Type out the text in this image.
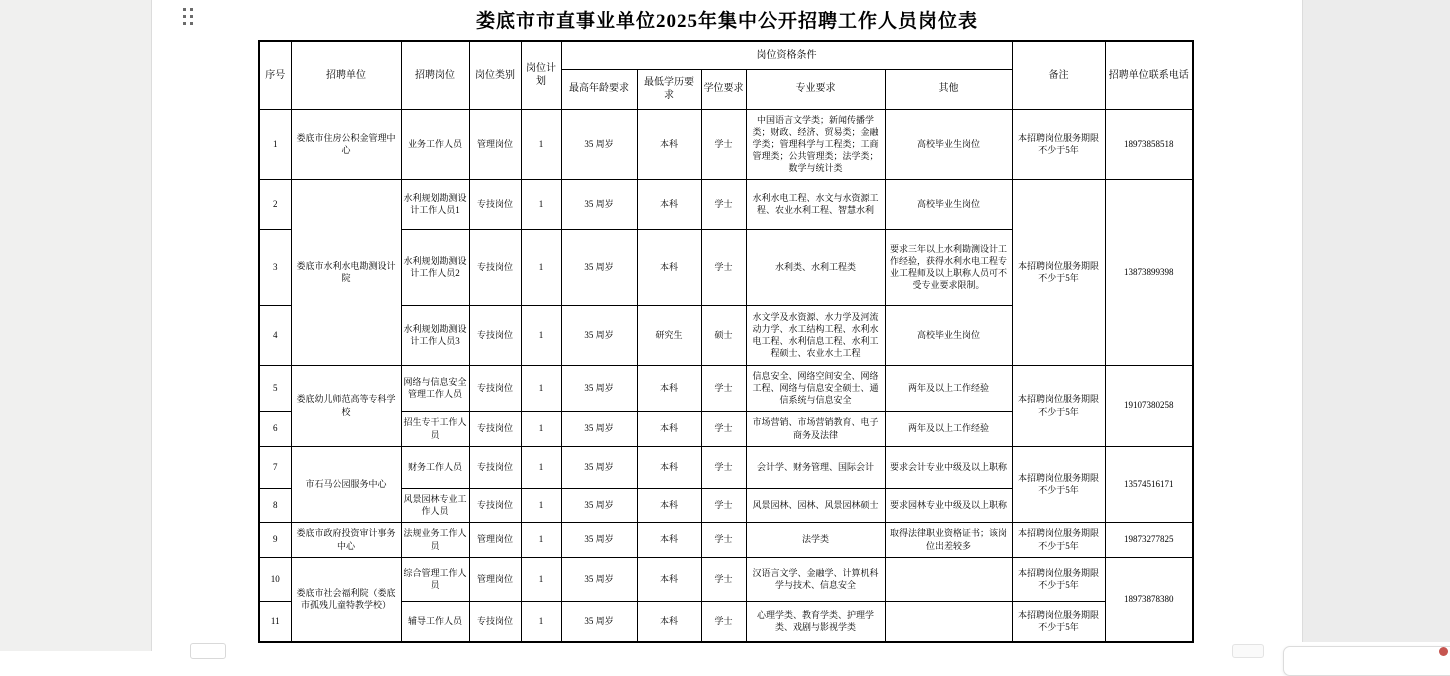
娄底市市直事业单位2025年集中公开招聘工作人员岗位表
序号	招聘单位	招聘岗位	岗位类别	岗位计划	岗位资格条件					备注	招聘单位联系电话
					最高年龄要求	最低学历要求	学位要求	专业要求	其他		
1	娄底市住房公积金管理中心	业务工作人员	管理岗位	1	35 周岁	本科	学士	中国语言文学类；新闻传播学类；财政、经济、贸易类；金融学类；管理科学与工程类；工商管理类；公共管理类；法学类；数学与统计类	高校毕业生岗位	本招聘岗位服务期限不少于5年	18973858518
2	娄底市水利水电勘测设计院	水利规划勘测设计工作人员1	专技岗位	1	35 周岁	本科	学士	水利水电工程、水文与水资源工程、农业水利工程、智慧水利	高校毕业生岗位	本招聘岗位服务期限不少于5年	13873899398
3		水利规划勘测设计工作人员2	专技岗位	1	35 周岁	本科	学士	水利类、水利工程类	要求三年以上水利勘测设计工作经验，获得水利水电工程专业工程师及以上职称人员可不受专业要求限制。		
4		水利规划勘测设计工作人员3	专技岗位	1	35 周岁	研究生	硕士	水文学及水资源、水力学及河流动力学、水工结构工程、水利水电工程、水利信息工程、水利工程硕士、农业水土工程	高校毕业生岗位		
5	娄底幼儿师范高等专科学校	网络与信息安全管理工作人员	专技岗位	1	35 周岁	本科	学士	信息安全、网络空间安全、网络工程、网络与信息安全硕士、通信系统与信息安全	两年及以上工作经验	本招聘岗位服务期限不少于5年	19107380258
6		招生专干工作人员	专技岗位	1	35 周岁	本科	学士	市场营销、市场营销教育、电子商务及法律	两年及以上工作经验		
7	市石马公园服务中心	财务工作人员	专技岗位	1	35 周岁	本科	学士	会计学、财务管理、国际会计	要求会计专业中级及以上职称	本招聘岗位服务期限不少于5年	13574516171
8		风景园林专业工作人员	专技岗位	1	35 周岁	本科	学士	风景园林、园林、风景园林硕士	要求园林专业中级及以上职称		
9	娄底市政府投资审计事务中心	法规业务工作人员	管理岗位	1	35 周岁	本科	学士	法学类	取得法律职业资格证书；该岗位出差较多	本招聘岗位服务期限不少于5年	19873277825
10	娄底市社会福利院（娄底市孤残儿童特教学校）	综合管理工作人员	管理岗位	1	35 周岁	本科	学士	汉语言文学、金融学、计算机科学与技术、信息安全		本招聘岗位服务期限不少于5年	18973878380
11		辅导工作人员	专技岗位	1	35 周岁	本科	学士	心理学类、教育学类、护理学类、戏剧与影视学类		本招聘岗位服务期限不少于5年	
